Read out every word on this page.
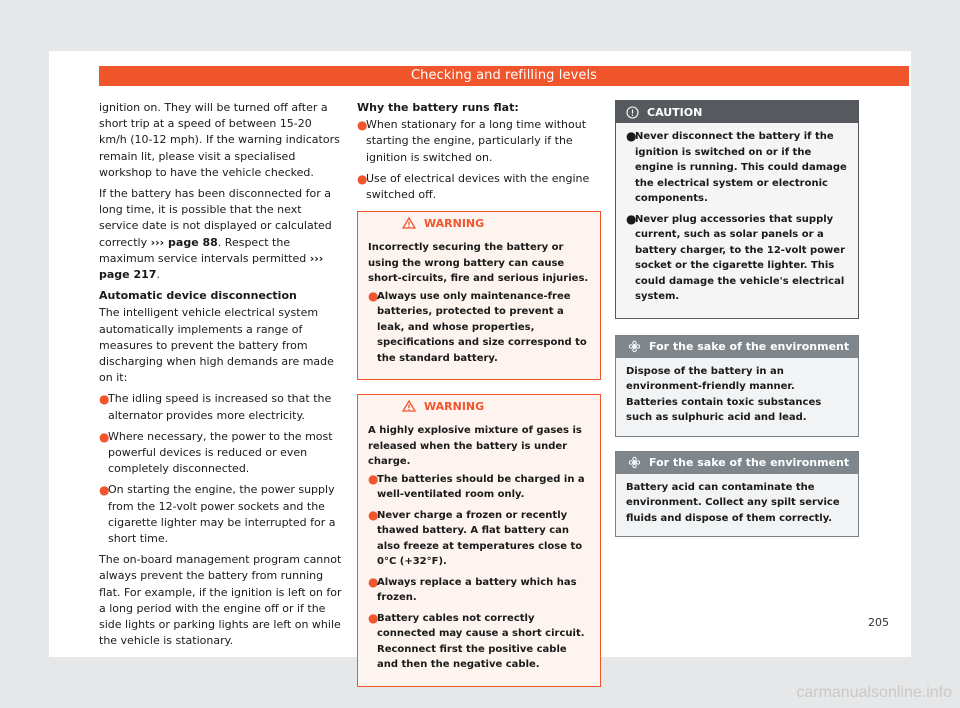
Checking and refilling levels

ignition on. They will be turned off after a short trip at a speed of between 15-20 km/h (10-12 mph). If the warning indicators remain lit, please visit a specialised workshop to have the vehicle checked.

If the battery has been disconnected for a long time, it is possible that the next service date is not displayed or calculated correctly ››› page 88. Respect the maximum service intervals permitted ››› page 217.

Automatic device disconnection

The intelligent vehicle electrical system automatically implements a range of measures to prevent the battery from discharging when high demands are made on it:

●
The idling speed is increased so that the alternator provides more electricity.
●
Where necessary, the power to the most powerful devices is reduced or even completely disconnected.
●
On starting the engine, the power supply from the 12-volt power sockets and the cigarette lighter may be interrupted for a short time.

The on-board management program cannot always prevent the battery from running flat. For example, if the ignition is left on for a long period with the engine off or if the side lights or parking lights are left on while the vehicle is stationary.

Why the battery runs flat:

●
When stationary for a long time without starting the engine, particularly if the ignition is switched on.
●
Use of electrical devices with the engine switched off.
WARNING

Incorrectly securing the battery or using the wrong battery can cause short-circuits, fire and serious injuries.

●
Always use only maintenance-free batteries, protected to prevent a leak, and whose properties, specifications and size correspond to the standard battery.
WARNING

A highly explosive mixture of gases is released when the battery is under charge.

●
The batteries should be charged in a well-ventilated room only.
●
Never charge a frozen or recently thawed battery. A flat battery can also freeze at temperatures close to 0°C (+32°F).
●
Always replace a battery which has frozen.
●
Battery cables not correctly connected may cause a short circuit. Reconnect first the positive cable and then the negative cable.
CAUTION
●
Never disconnect the battery if the ignition is switched on or if the engine is running. This could damage the electrical system or electronic components.
●
Never plug accessories that supply current, such as solar panels or a battery charger, to the 12-volt power socket or the cigarette lighter. This could damage the vehicle's electrical system.
For the sake of the environment

Dispose of the battery in an environment-friendly manner. Batteries contain toxic substances such as sulphuric acid and lead.

For the sake of the environment

Battery acid can contaminate the environment. Collect any spilt service fluids and dispose of them correctly.

205
carmanualsonline.info
